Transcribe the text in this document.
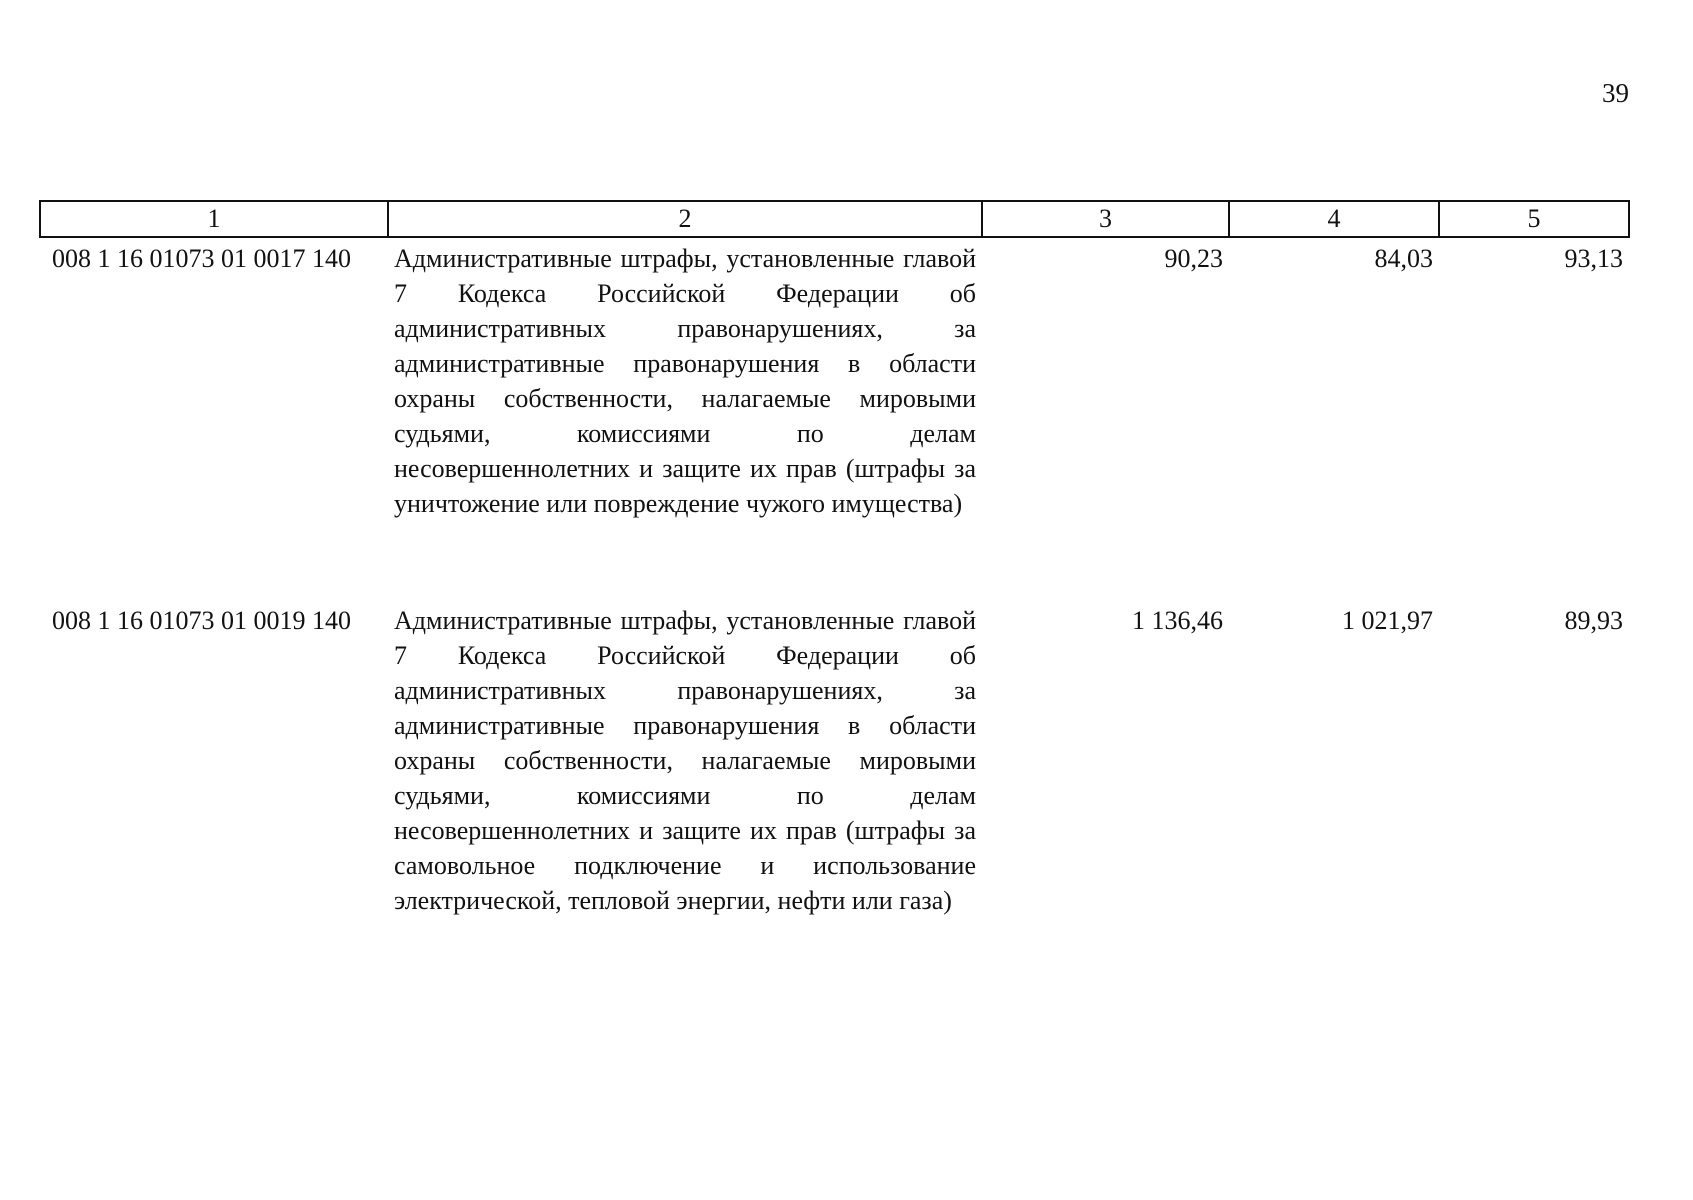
39
1	2	3	4	5
008 1 16 01073 01 0017 140	Административные штрафы, установленные главой 7 Кодекса Российской Федерации об административных правонарушениях, за административные правонарушения в области охраны собственности, налагаемые мировыми судьями, комиссиями по делам несовершеннолетних и защите их прав (штрафы за уничтожение или повреждение чужого имущества)	90,23	84,03	93,13
008 1 16 01073 01 0019 140	Административные штрафы, установленные главой 7 Кодекса Российской Федерации об административных правонарушениях, за административные правонарушения в области охраны собственности, налагаемые мировыми судьями, комиссиями по делам несовершеннолетних и защите их прав (штрафы за самовольное подключение и использование электрической, тепловой энергии, нефти или газа)	1 136,46	1 021,97	89,93
